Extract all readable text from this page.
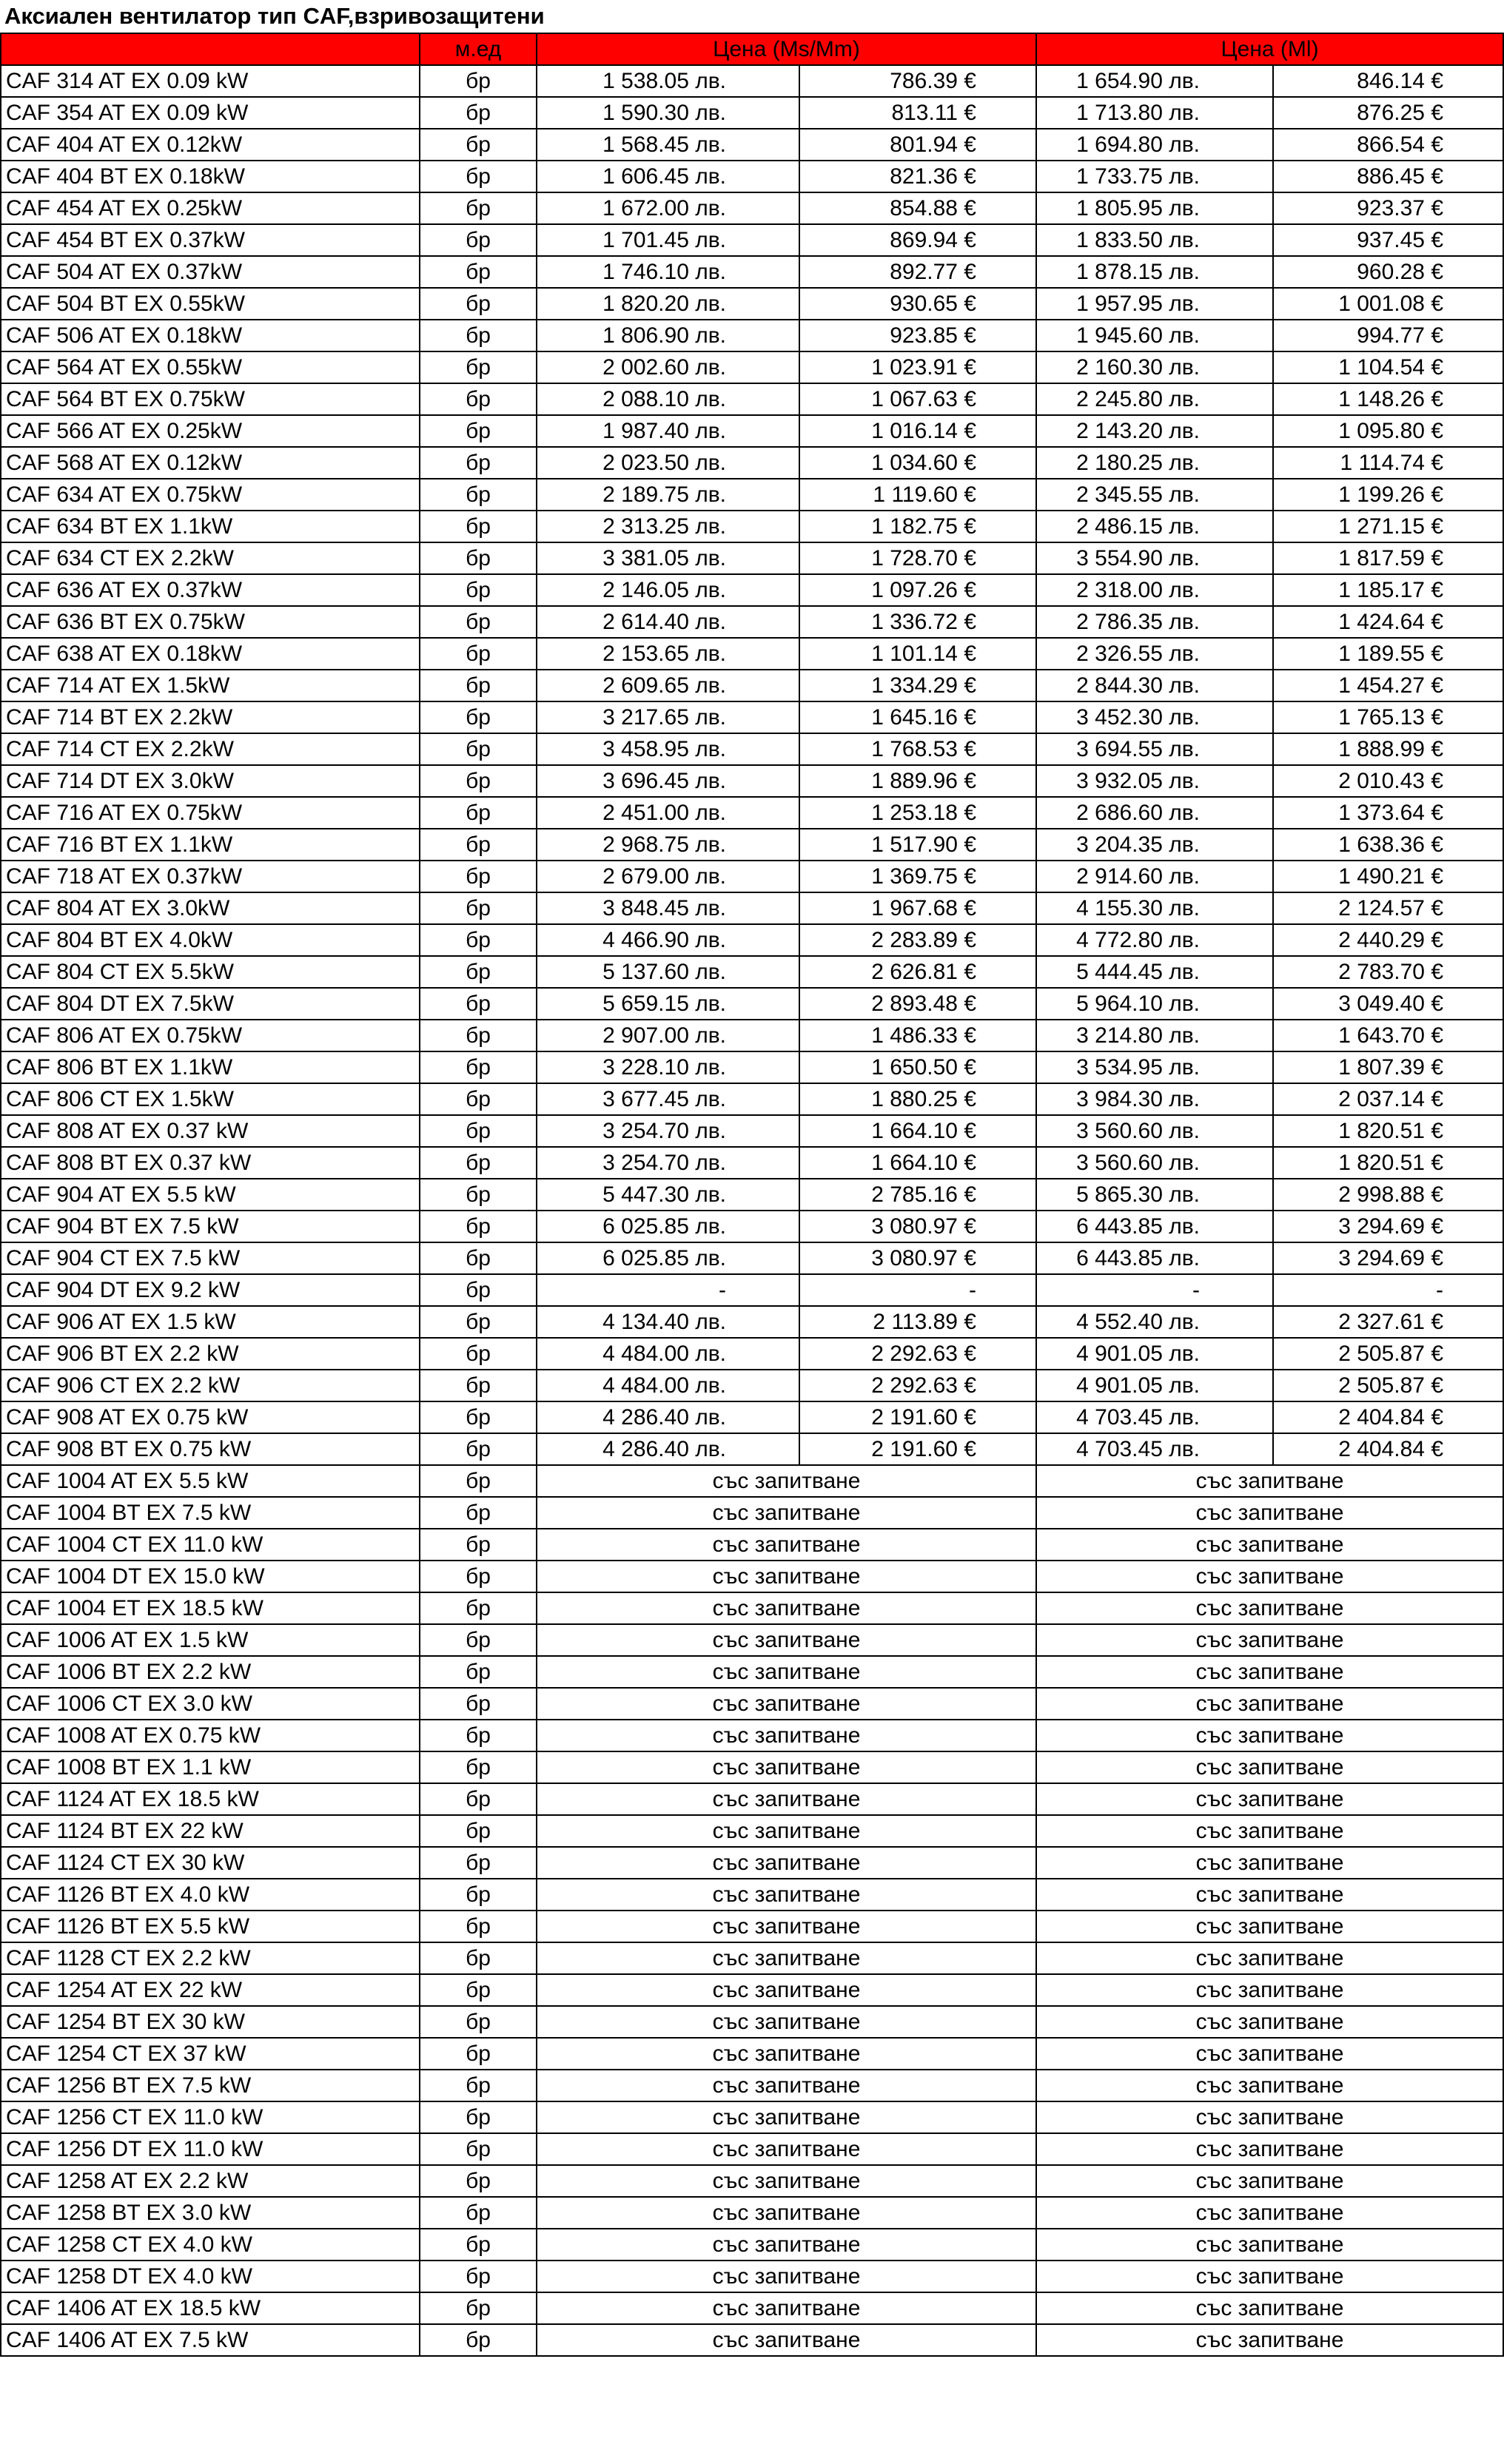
Аксиален вентилатор тип CAF,взривозащитени
	м.ед	Цена (Ms/Mm)		Цена (Ml)	
CAF 314 AT EX 0.09 kW	бр	1 538.05 лв.	786.39 €	1 654.90 лв.	846.14 €
CAF 354 AT EX 0.09 kW	бр	1 590.30 лв.	813.11 €	1 713.80 лв.	876.25 €
CAF 404 AT EX 0.12kW	бр	1 568.45 лв.	801.94 €	1 694.80 лв.	866.54 €
CAF 404 BT EX 0.18kW	бр	1 606.45 лв.	821.36 €	1 733.75 лв.	886.45 €
CAF 454 AT EX 0.25kW	бр	1 672.00 лв.	854.88 €	1 805.95 лв.	923.37 €
CAF 454 BT EX 0.37kW	бр	1 701.45 лв.	869.94 €	1 833.50 лв.	937.45 €
CAF 504 AT EX 0.37kW	бр	1 746.10 лв.	892.77 €	1 878.15 лв.	960.28 €
CAF 504 BT EX 0.55kW	бр	1 820.20 лв.	930.65 €	1 957.95 лв.	1 001.08 €
CAF 506 AT EX 0.18kW	бр	1 806.90 лв.	923.85 €	1 945.60 лв.	994.77 €
CAF 564 AT EX 0.55kW	бр	2 002.60 лв.	1 023.91 €	2 160.30 лв.	1 104.54 €
CAF 564 BT EX 0.75kW	бр	2 088.10 лв.	1 067.63 €	2 245.80 лв.	1 148.26 €
CAF 566 AT EX 0.25kW	бр	1 987.40 лв.	1 016.14 €	2 143.20 лв.	1 095.80 €
CAF 568 AT EX 0.12kW	бр	2 023.50 лв.	1 034.60 €	2 180.25 лв.	1 114.74 €
CAF 634 AT EX 0.75kW	бр	2 189.75 лв.	1 119.60 €	2 345.55 лв.	1 199.26 €
CAF 634 BT EX 1.1kW	бр	2 313.25 лв.	1 182.75 €	2 486.15 лв.	1 271.15 €
CAF 634 CT EX 2.2kW	бр	3 381.05 лв.	1 728.70 €	3 554.90 лв.	1 817.59 €
CAF 636 AT EX 0.37kW	бр	2 146.05 лв.	1 097.26 €	2 318.00 лв.	1 185.17 €
CAF 636 BT EX 0.75kW	бр	2 614.40 лв.	1 336.72 €	2 786.35 лв.	1 424.64 €
CAF 638 AT EX 0.18kW	бр	2 153.65 лв.	1 101.14 €	2 326.55 лв.	1 189.55 €
CAF 714 AT EX 1.5kW	бр	2 609.65 лв.	1 334.29 €	2 844.30 лв.	1 454.27 €
CAF 714 BT EX 2.2kW	бр	3 217.65 лв.	1 645.16 €	3 452.30 лв.	1 765.13 €
CAF 714 CT EX 2.2kW	бр	3 458.95 лв.	1 768.53 €	3 694.55 лв.	1 888.99 €
CAF 714 DT EX 3.0kW	бр	3 696.45 лв.	1 889.96 €	3 932.05 лв.	2 010.43 €
CAF 716 AT EX 0.75kW	бр	2 451.00 лв.	1 253.18 €	2 686.60 лв.	1 373.64 €
CAF 716 BT EX 1.1kW	бр	2 968.75 лв.	1 517.90 €	3 204.35 лв.	1 638.36 €
CAF 718 AT EX 0.37kW	бр	2 679.00 лв.	1 369.75 €	2 914.60 лв.	1 490.21 €
CAF 804 AT EX 3.0kW	бр	3 848.45 лв.	1 967.68 €	4 155.30 лв.	2 124.57 €
CAF 804 BT EX 4.0kW	бр	4 466.90 лв.	2 283.89 €	4 772.80 лв.	2 440.29 €
CAF 804 CT EX 5.5kW	бр	5 137.60 лв.	2 626.81 €	5 444.45 лв.	2 783.70 €
CAF 804 DT EX 7.5kW	бр	5 659.15 лв.	2 893.48 €	5 964.10 лв.	3 049.40 €
CAF 806 AT EX 0.75kW	бр	2 907.00 лв.	1 486.33 €	3 214.80 лв.	1 643.70 €
CAF 806 BT EX 1.1kW	бр	3 228.10 лв.	1 650.50 €	3 534.95 лв.	1 807.39 €
CAF 806 CT EX 1.5kW	бр	3 677.45 лв.	1 880.25 €	3 984.30 лв.	2 037.14 €
CAF 808 AT EX 0.37 kW	бр	3 254.70 лв.	1 664.10 €	3 560.60 лв.	1 820.51 €
CAF 808 BT EX 0.37 kW	бр	3 254.70 лв.	1 664.10 €	3 560.60 лв.	1 820.51 €
CAF 904 AT EX 5.5 kW	бр	5 447.30 лв.	2 785.16 €	5 865.30 лв.	2 998.88 €
CAF 904 BT EX 7.5 kW	бр	6 025.85 лв.	3 080.97 €	6 443.85 лв.	3 294.69 €
CAF 904 CT EX 7.5 kW	бр	6 025.85 лв.	3 080.97 €	6 443.85 лв.	3 294.69 €
CAF 904 DT EX 9.2 kW	бр	-	-	-	-
CAF 906 AT EX 1.5 kW	бр	4 134.40 лв.	2 113.89 €	4 552.40 лв.	2 327.61 €
CAF 906 BT EX 2.2 kW	бр	4 484.00 лв.	2 292.63 €	4 901.05 лв.	2 505.87 €
CAF 906 CT EX 2.2 kW	бр	4 484.00 лв.	2 292.63 €	4 901.05 лв.	2 505.87 €
CAF 908 AT EX 0.75 kW	бр	4 286.40 лв.	2 191.60 €	4 703.45 лв.	2 404.84 €
CAF 908 BT EX 0.75 kW	бр	4 286.40 лв.	2 191.60 €	4 703.45 лв.	2 404.84 €
CAF 1004 AT EX 5.5 kW	бр	със запитване		със запитване	
CAF 1004 BT EX 7.5 kW	бр	със запитване		със запитване	
CAF 1004 CT EX 11.0 kW	бр	със запитване		със запитване	
CAF 1004 DT EX 15.0 kW	бр	със запитване		със запитване	
CAF 1004 ET EX 18.5 kW	бр	със запитване		със запитване	
CAF 1006 AT EX 1.5 kW	бр	със запитване		със запитване	
CAF 1006 BT EX 2.2 kW	бр	със запитване		със запитване	
CAF 1006 CT EX 3.0 kW	бр	със запитване		със запитване	
CAF 1008 AT EX 0.75 kW	бр	със запитване		със запитване	
CAF 1008 BT EX 1.1 kW	бр	със запитване		със запитване	
CAF 1124 AT EX 18.5 kW	бр	със запитване		със запитване	
CAF 1124 BT EX 22 kW	бр	със запитване		със запитване	
CAF 1124 CT EX 30 kW	бр	със запитване		със запитване	
CAF 1126 BT EX 4.0 kW	бр	със запитване		със запитване	
CAF 1126 BT EX 5.5 kW	бр	със запитване		със запитване	
CAF 1128 CT EX 2.2 kW	бр	със запитване		със запитване	
CAF 1254 AT EX 22 kW	бр	със запитване		със запитване	
CAF 1254 BT EX 30 kW	бр	със запитване		със запитване	
CAF 1254 CT EX 37 kW	бр	със запитване		със запитване	
CAF 1256 BT EX 7.5 kW	бр	със запитване		със запитване	
CAF 1256 CT EX 11.0 kW	бр	със запитване		със запитване	
CAF 1256 DT EX 11.0 kW	бр	със запитване		със запитване	
CAF 1258 AT EX 2.2 kW	бр	със запитване		със запитване	
CAF 1258 BT EX 3.0 kW	бр	със запитване		със запитване	
CAF 1258 CT EX 4.0 kW	бр	със запитване		със запитване	
CAF 1258 DT EX 4.0 kW	бр	със запитване		със запитване	
CAF 1406 AT EX 18.5 kW	бр	със запитване		със запитване	
CAF 1406 AT EX 7.5 kW	бр	със запитване		със запитване	
